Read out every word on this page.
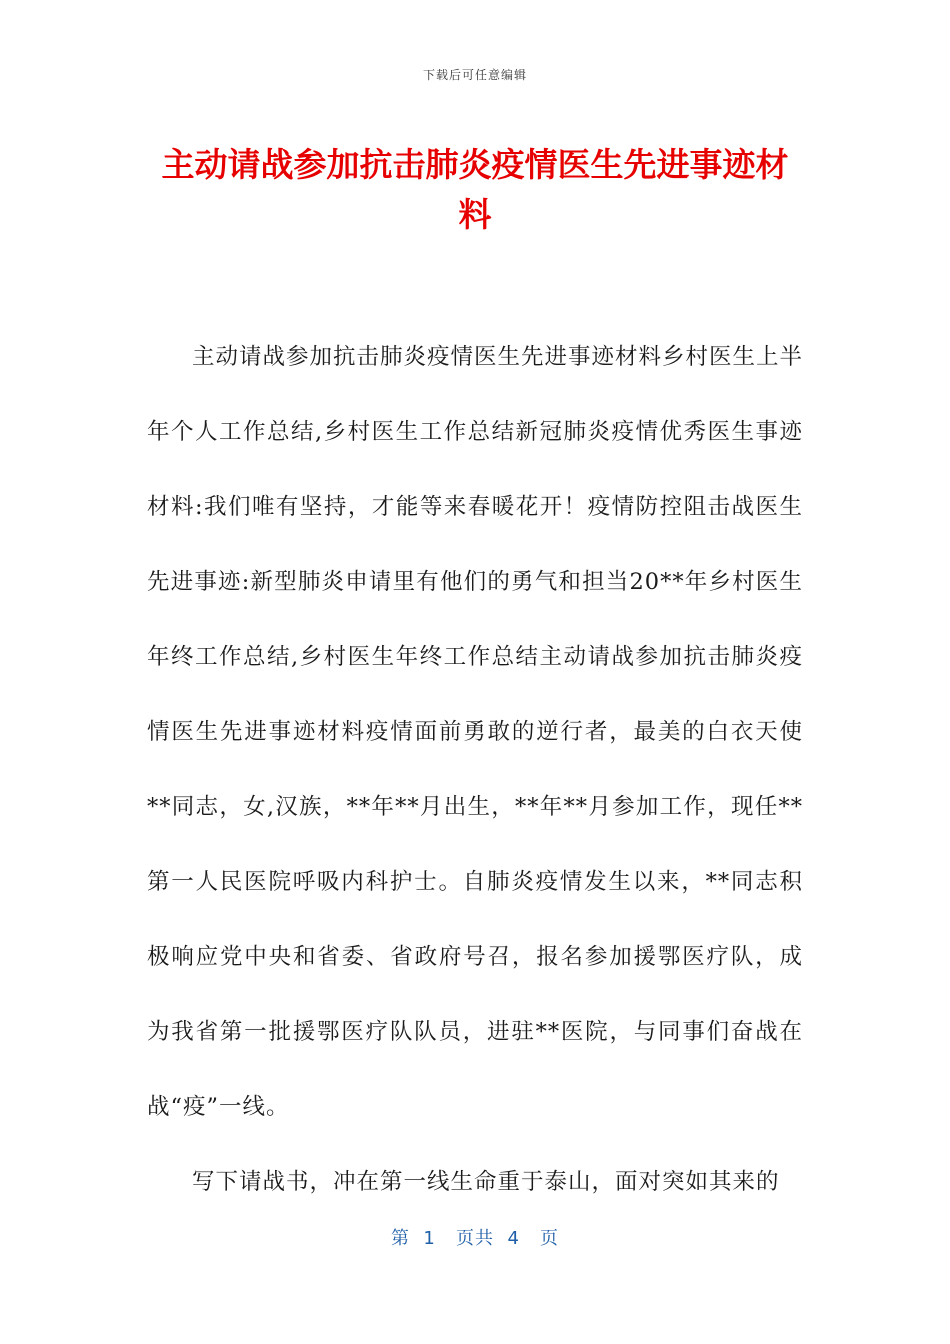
下载后可任意编辑
主动请战参加抗击肺炎疫情医生先进事迹材料

主动请战参加抗击肺炎疫情医生先进事迹材料乡村医生上半年个人工作总结,乡村医生工作总结新冠肺炎疫情优秀医生事迹材料:我们唯有坚持，才能等来春暖花开！疫情防控阻击战医生先进事迹:新型肺炎申请里有他们的勇气和担当20**年乡村医生年终工作总结,乡村医生年终工作总结主动请战参加抗击肺炎疫情医生先进事迹材料疫情面前勇敢的逆行者，最美的白衣天使**同志，女,汉族，**年**月出生，**年**月参加工作，现任**第一人民医院呼吸内科护士。自肺炎疫情发生以来，**同志积极响应党中央和省委、省政府号召，报名参加援鄂医疗队，成为我省第一批援鄂医疗队队员，进驻**医院，与同事们奋战在战“疫”一线。

写下请战书，冲在第一线生命重于泰山，面对突如其来的

第  1   页共  4   页
